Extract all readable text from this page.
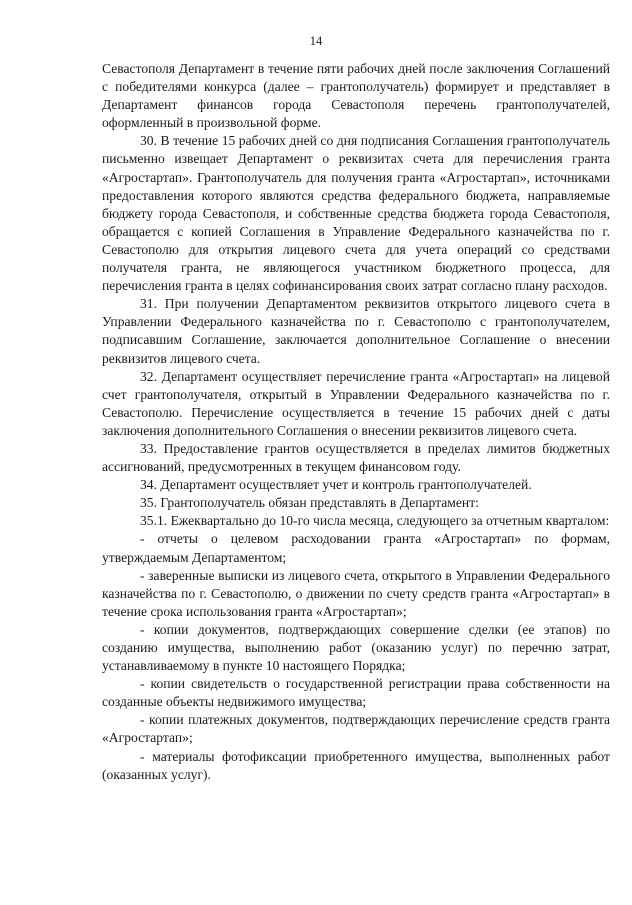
14

Севастополя Департамент в течение пяти рабочих дней после заключения Соглашений с победителями конкурса (далее – грантополучатель) формирует и представляет в Департамент финансов города Севастополя перечень грантополучателей, оформленный в произвольной форме.

30. В течение 15 рабочих дней со дня подписания Соглашения грантополучатель письменно извещает Департамент о реквизитах счета для перечисления гранта «Агростартап». Грантополучатель для получения гранта «Агростартап», источниками предоставления которого являются средства федерального бюджета, направляемые бюджету города Севастополя, и собственные средства бюджета города Севастополя, обращается с копией Соглашения в Управление Федерального казначейства по г. Севастополю для открытия лицевого счета для учета операций со средствами получателя гранта, не являющегося участником бюджетного процесса, для перечисления гранта в целях софинансирования своих затрат согласно плану расходов.

31. При получении Департаментом реквизитов открытого лицевого счета в Управлении Федерального казначейства по г. Севастополю с грантополучателем, подписавшим Соглашение, заключается дополнительное Соглашение о внесении реквизитов лицевого счета.

32. Департамент осуществляет перечисление гранта «Агростартап» на лицевой счет грантополучателя, открытый в Управлении Федерального казначейства по г. Севастополю. Перечисление осуществляется в течение 15 рабочих дней с даты заключения дополнительного Соглашения о внесении реквизитов лицевого счета.

33. Предоставление грантов осуществляется в пределах лимитов бюджетных ассигнований, предусмотренных в текущем финансовом году.

34. Департамент осуществляет учет и контроль грантополучателей.

35. Грантополучатель обязан представлять в Департамент:

35.1. Ежеквартально до 10-го числа месяца, следующего за отчетным кварталом:

- отчеты о целевом расходовании гранта «Агростартап» по формам, утверждаемым Департаментом;

- заверенные выписки из лицевого счета, открытого в Управлении Федерального казначейства по г. Севастополю, о движении по счету средств гранта «Агростартап» в течение срока использования гранта «Агростартап»;

- копии документов, подтверждающих совершение сделки (ее этапов) по созданию имущества, выполнению работ (оказанию услуг) по перечню затрат, устанавливаемому в пункте 10 настоящего Порядка;

- копии свидетельств о государственной регистрации права собственности на созданные объекты недвижимого имущества;

- копии платежных документов, подтверждающих перечисление средств гранта «Агростартап»;

- материалы фотофиксации приобретенного имущества, выполненных работ (оказанных услуг).
